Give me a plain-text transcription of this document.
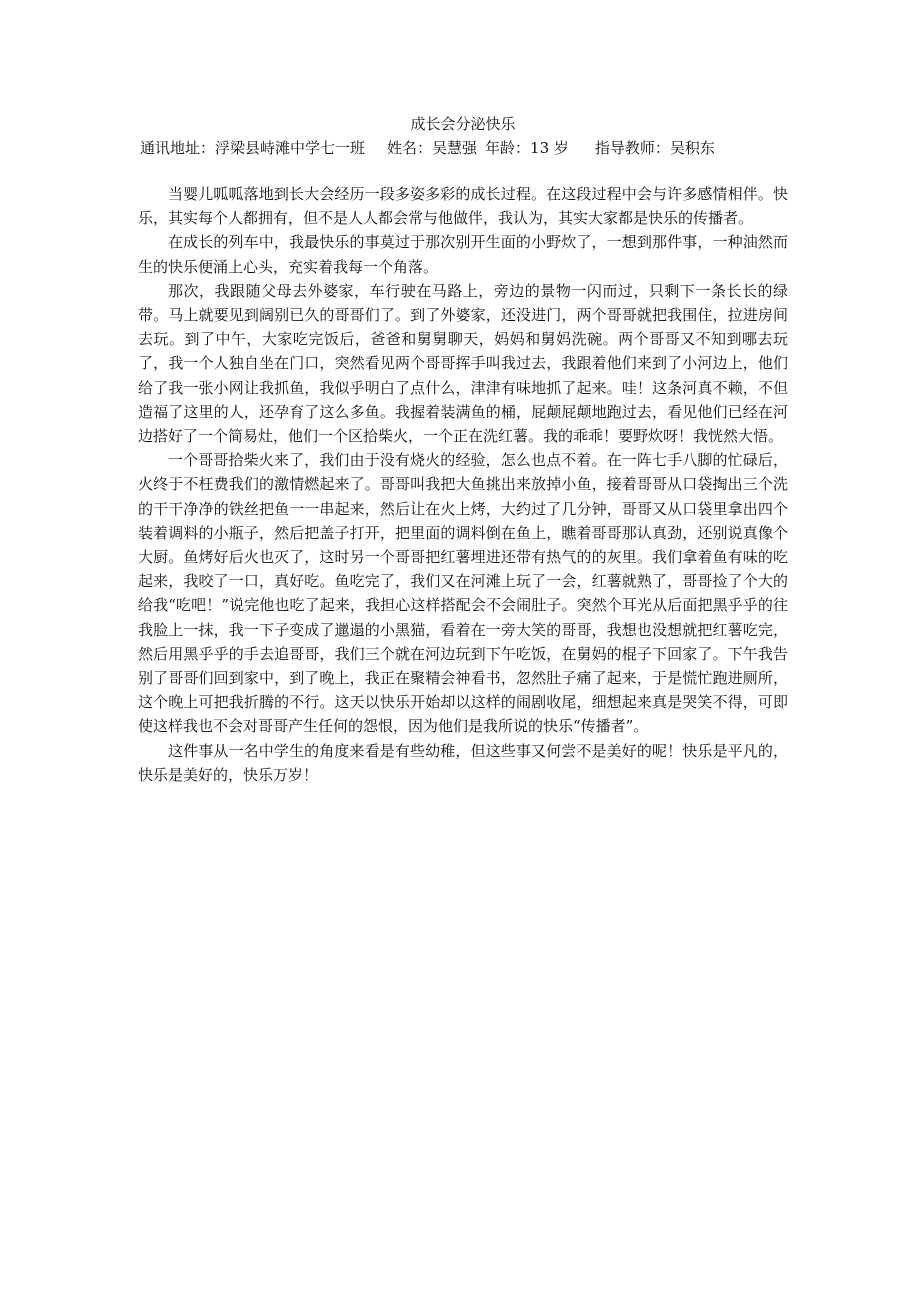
成长会分泌快乐
通讯地址：浮梁县峙滩中学七一班 姓名：吴慧强 年龄：13 岁 指导教师：吴积东

当婴儿呱呱落地到长大会经历一段多姿多彩的成长过程。在这段过程中会与许多感情相伴。快乐，其实每个人都拥有，但不是人人都会常与他做伴，我认为，其实大家都是快乐的传播者。

在成长的列车中，我最快乐的事莫过于那次别开生面的小野炊了，一想到那件事，一种油然而生的快乐便涌上心头，充实着我每一个角落。

那次，我跟随父母去外婆家，车行驶在马路上，旁边的景物一闪而过，只剩下一条长长的绿带。马上就要见到阔别已久的哥哥们了。到了外婆家，还没进门，两个哥哥就把我围住，拉进房间去玩。到了中午，大家吃完饭后，爸爸和舅舅聊天，妈妈和舅妈洗碗。两个哥哥又不知到哪去玩了，我一个人独自坐在门口，突然看见两个哥哥挥手叫我过去，我跟着他们来到了小河边上，他们给了我一张小网让我抓鱼，我似乎明白了点什么，津津有味地抓了起来。哇！这条河真不赖，不但造福了这里的人，还孕育了这么多鱼。我握着装满鱼的桶，屁颠屁颠地跑过去，看见他们已经在河边搭好了一个简易灶，他们一个区拾柴火，一个正在洗红薯。我的乖乖！要野炊呀！我恍然大悟。

一个哥哥拾柴火来了，我们由于没有烧火的经验，怎么也点不着。在一阵七手八脚的忙碌后，火终于不枉费我们的激情燃起来了。哥哥叫我把大鱼挑出来放掉小鱼，接着哥哥从口袋掏出三个洗的干干净净的铁丝把鱼一一串起来，然后让在火上烤，大约过了几分钟，哥哥又从口袋里拿出四个装着调料的小瓶子，然后把盖子打开，把里面的调料倒在鱼上，瞧着哥哥那认真劲，还别说真像个大厨。鱼烤好后火也灭了，这时另一个哥哥把红薯埋进还带有热气的的灰里。我们拿着鱼有味的吃起来，我咬了一口，真好吃。鱼吃完了，我们又在河滩上玩了一会，红薯就熟了，哥哥捡了个大的给我“吃吧！”说完他也吃了起来，我担心这样搭配会不会闹肚子。突然个耳光从后面把黑乎乎的往我脸上一抹，我一下子变成了邋遢的小黑猫，看着在一旁大笑的哥哥，我想也没想就把红薯吃完，然后用黑乎乎的手去追哥哥，我们三个就在河边玩到下午吃饭，在舅妈的棍子下回家了。下午我告别了哥哥们回到家中，到了晚上，我正在聚精会神看书，忽然肚子痛了起来，于是慌忙跑进厕所，这个晚上可把我折腾的不行。这天以快乐开始却以这样的闹剧收尾，细想起来真是哭笑不得，可即使这样我也不会对哥哥产生任何的怨恨，因为他们是我所说的快乐“传播者”。

这件事从一名中学生的角度来看是有些幼稚，但这些事又何尝不是美好的呢！快乐是平凡的，快乐是美好的，快乐万岁！
